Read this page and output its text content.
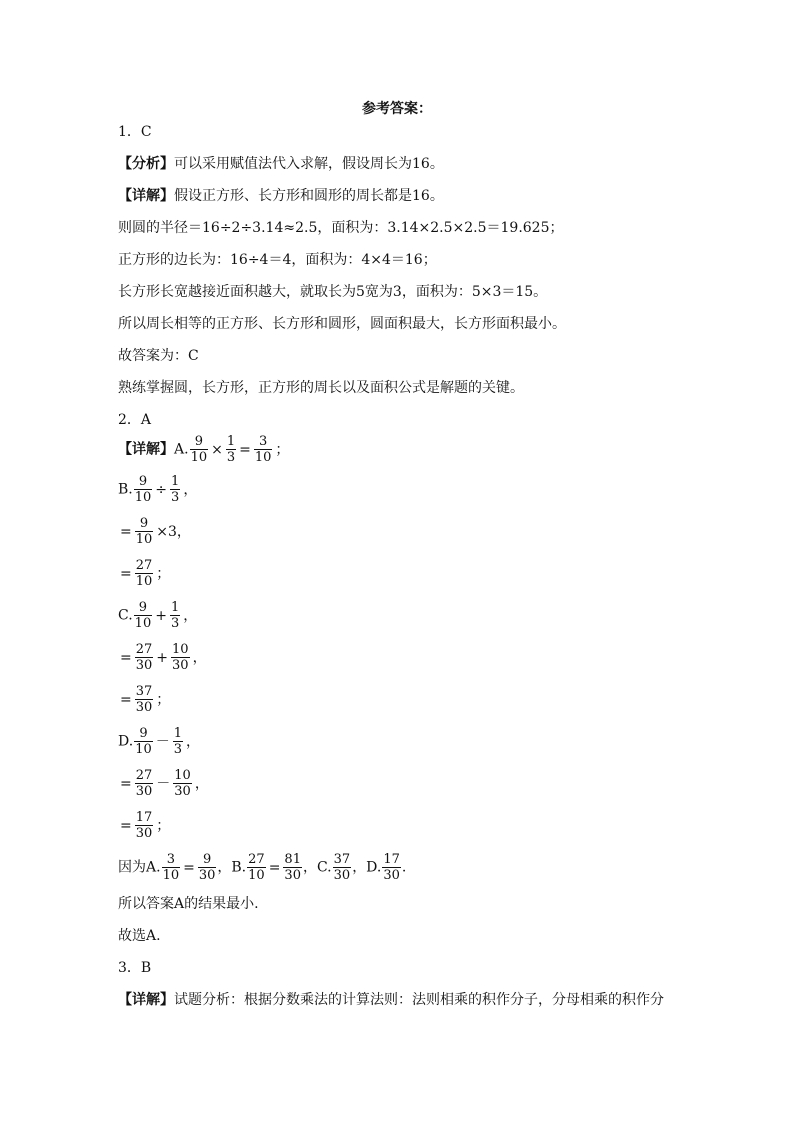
参考答案：
1．C
【分析】可以采用赋值法代入求解，假设周长为16。
【详解】假设正方形、长方形和圆形的周长都是16。
则圆的半径＝16÷2÷3.14≈2.5，面积为：3.14×2.5×2.5＝19.625；
正方形的边长为：16÷4＝4，面积为：4×4＝16；
长方形长宽越接近面积越大，就取长为5宽为3，面积为：5×3＝15。
所以周长相等的正方形、长方形和圆形，圆面积最大，长方形面积最小。
故答案为：C
熟练掌握圆，长方形，正方形的周长以及面积公式是解题的关键。
2．A
【详解】A. $\frac{9}{10} \times \frac{1}{3} = \frac{3}{10}$ ；
B. $\frac{9}{10} \div \frac{1}{3}$ ，
= $\frac{9}{10} \times 3$，
= $\frac{27}{10}$ ；
C. $\frac{9}{10} + \frac{1}{3}$ ，
= $\frac{27}{30} + \frac{10}{30}$ ，
= $\frac{37}{30}$ ；
D. $\frac{9}{10} - \frac{1}{3}$ ，
= $\frac{27}{30} - \frac{10}{30}$ ，
= $\frac{17}{30}$ ；
因为A. $\frac{3}{10} = \frac{9}{30}$ ，B. $\frac{27}{10} = \frac{81}{30}$ ，C. $\frac{37}{30}$ ，D. $\frac{17}{30}$ .
所以答案A的结果最小.
故选A.
3．B
【详解】试题分析：根据分数乘法的计算法则：法则相乘的积作分子，分母相乘的积作分
